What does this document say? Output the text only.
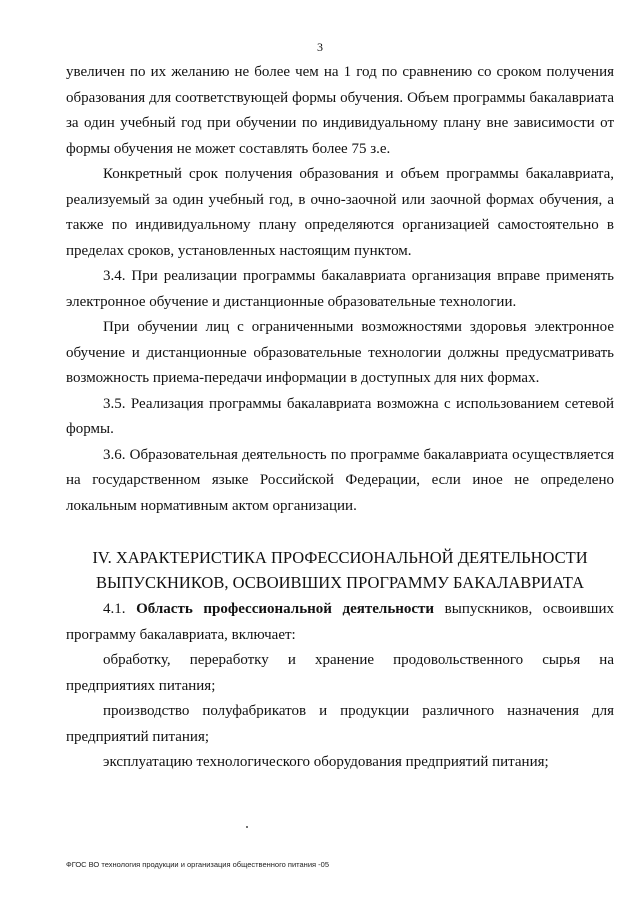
3

увеличен по их желанию не более чем на 1 год по сравнению со сроком получения образования для соответствующей формы обучения. Объем программы бакалавриата за один учебный год при обучении по индивидуальному плану вне зависимости от формы обучения не может составлять более 75 з.е.

Конкретный срок получения образования и объем программы бакалавриата, реализуемый за один учебный год, в очно-заочной или заочной формах обучения, а также по индивидуальному плану определяются организацией самостоятельно в пределах сроков, установленных настоящим пунктом.

3.4. При реализации программы бакалавриата организация вправе применять электронное обучение и дистанционные образовательные технологии.

При обучении лиц с ограниченными возможностями здоровья электронное обучение и дистанционные образовательные технологии должны предусматривать возможность приема-передачи информации в доступных для них формах.

3.5. Реализация программы бакалавриата возможна с использованием сетевой формы.

3.6. Образовательная деятельность по программе бакалавриата осуществляется на государственном языке Российской Федерации, если иное не определено локальным нормативным актом организации.

IV. ХАРАКТЕРИСТИКА ПРОФЕССИОНАЛЬНОЙ ДЕЯТЕЛЬНОСТИ
ВЫПУСКНИКОВ, ОСВОИВШИХ ПРОГРАММУ БАКАЛАВРИАТА

4.1. Область профессиональной деятельности выпускников, освоивших программу бакалавриата, включает:

обработку, переработку и хранение продовольственного сырья на предприятиях питания;

производство полуфабрикатов и продукции различного назначения для предприятий питания;

эксплуатацию технологического оборудования предприятий питания;

ФГОС ВО технология продукции и организация общественного питания -05
